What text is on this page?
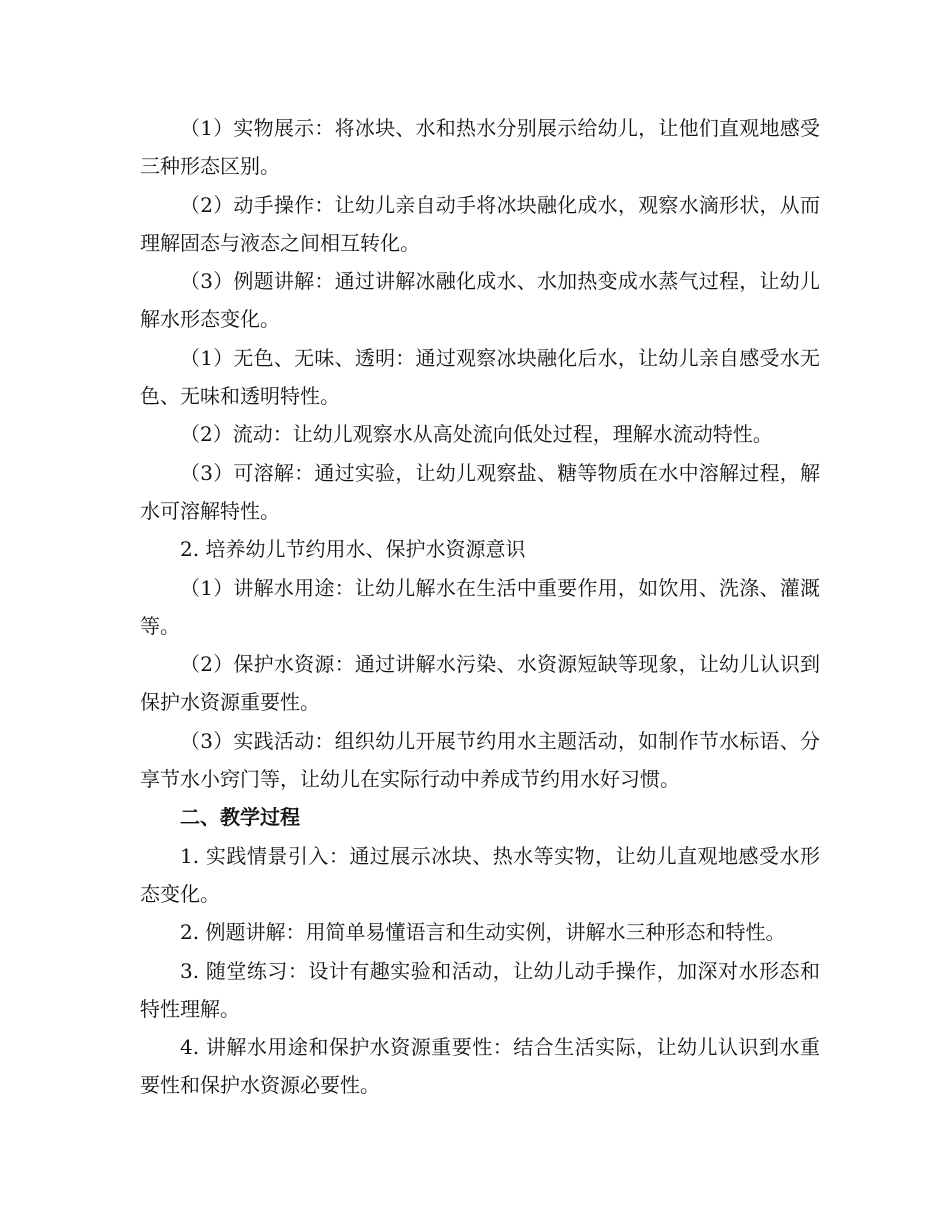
（1）实物展示：将冰块、水和热水分别展示给幼儿，让他们直观地感受三种形态区别。

（2）动手操作：让幼儿亲自动手将冰块融化成水，观察水滴形状，从而理解固态与液态之间相互转化。

（3）例题讲解：通过讲解冰融化成水、水加热变成水蒸气过程，让幼儿解水形态变化。

（1）无色、无味、透明：通过观察冰块融化后水，让幼儿亲自感受水无色、无味和透明特性。

（2）流动：让幼儿观察水从高处流向低处过程，理解水流动特性。

（3）可溶解：通过实验，让幼儿观察盐、糖等物质在水中溶解过程，解水可溶解特性。

2. 培养幼儿节约用水、保护水资源意识

（1）讲解水用途：让幼儿解水在生活中重要作用，如饮用、洗涤、灌溉等。

（2）保护水资源：通过讲解水污染、水资源短缺等现象，让幼儿认识到保护水资源重要性。

（3）实践活动：组织幼儿开展节约用水主题活动，如制作节水标语、分享节水小窍门等，让幼儿在实际行动中养成节约用水好习惯。

二、教学过程

1. 实践情景引入：通过展示冰块、热水等实物，让幼儿直观地感受水形态变化。

2. 例题讲解：用简单易懂语言和生动实例，讲解水三种形态和特性。

3. 随堂练习：设计有趣实验和活动，让幼儿动手操作，加深对水形态和特性理解。

4. 讲解水用途和保护水资源重要性：结合生活实际，让幼儿认识到水重要性和保护水资源必要性。
